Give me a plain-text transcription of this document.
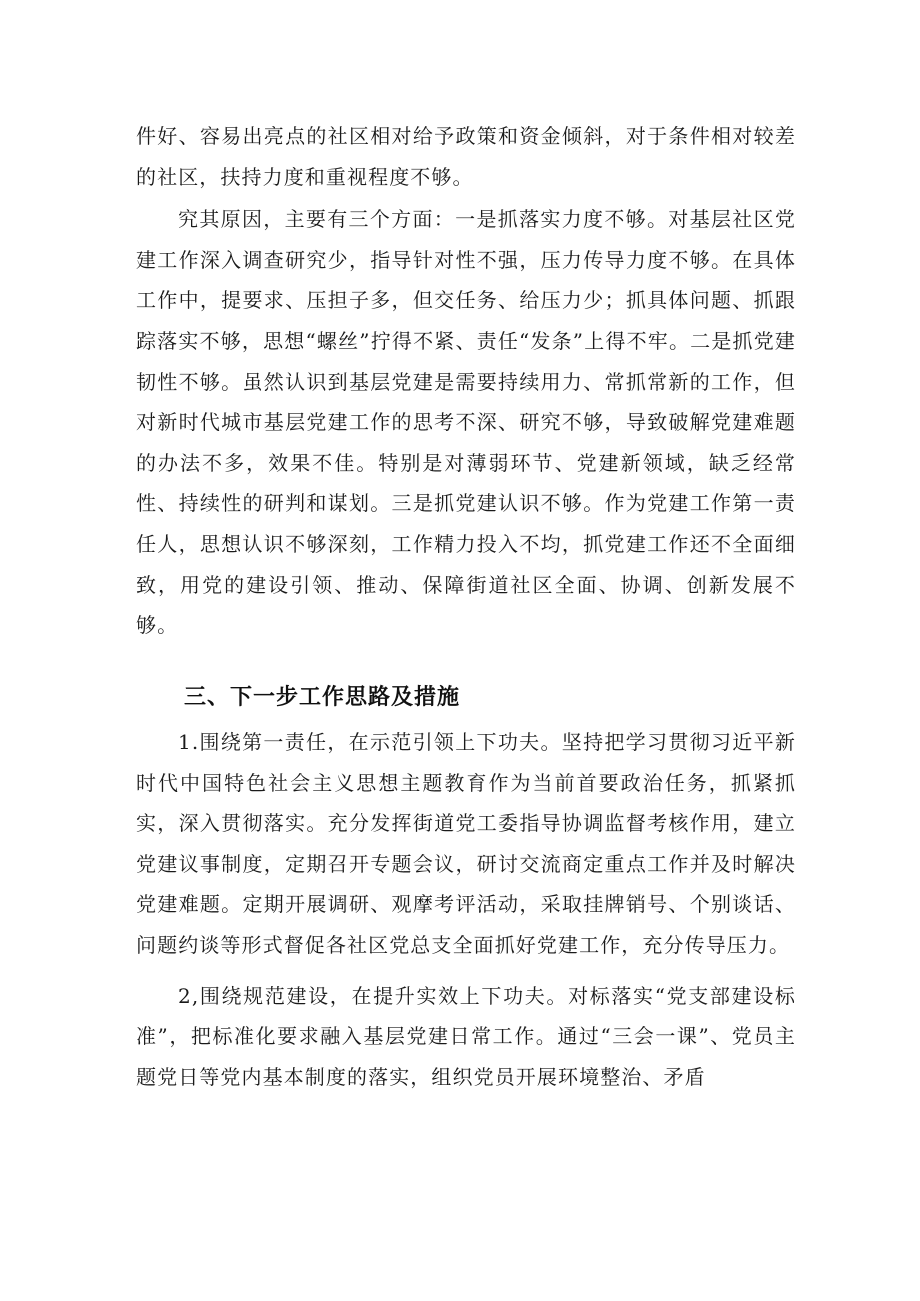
件好、容易出亮点的社区相对给予政策和资金倾斜，对于条件相对较差的社区，扶持力度和重视程度不够。

究其原因，主要有三个方面：一是抓落实力度不够。对基层社区党建工作深入调查研究少，指导针对性不强，压力传导力度不够。在具体工作中，提要求、压担子多，但交任务、给压力少；抓具体问题、抓跟踪落实不够，思想“螺丝”拧得不紧、责任“发条”上得不牢。二是抓党建韧性不够。虽然认识到基层党建是需要持续用力、常抓常新的工作，但对新时代城市基层党建工作的思考不深、研究不够，导致破解党建难题的办法不多，效果不佳。特别是对薄弱环节、党建新领域，缺乏经常性、持续性的研判和谋划。三是抓党建认识不够。作为党建工作第一责任人，思想认识不够深刻，工作精力投入不均，抓党建工作还不全面细致，用党的建设引领、推动、保障街道社区全面、协调、创新发展不够。

三、下一步工作思路及措施

1.围绕第一责任，在示范引领上下功夫。坚持把学习贯彻习近平新时代中国特色社会主义思想主题教育作为当前首要政治任务，抓紧抓实，深入贯彻落实。充分发挥街道党工委指导协调监督考核作用，建立党建议事制度，定期召开专题会议，研讨交流商定重点工作并及时解决党建难题。定期开展调研、观摩考评活动，采取挂牌销号、个别谈话、问题约谈等形式督促各社区党总支全面抓好党建工作，充分传导压力。

2,围绕规范建设，在提升实效上下功夫。对标落实“党支部建设标准”，把标准化要求融入基层党建日常工作。通过“三会一课”、党员主题党日等党内基本制度的落实，组织党员开展环境整治、矛盾
